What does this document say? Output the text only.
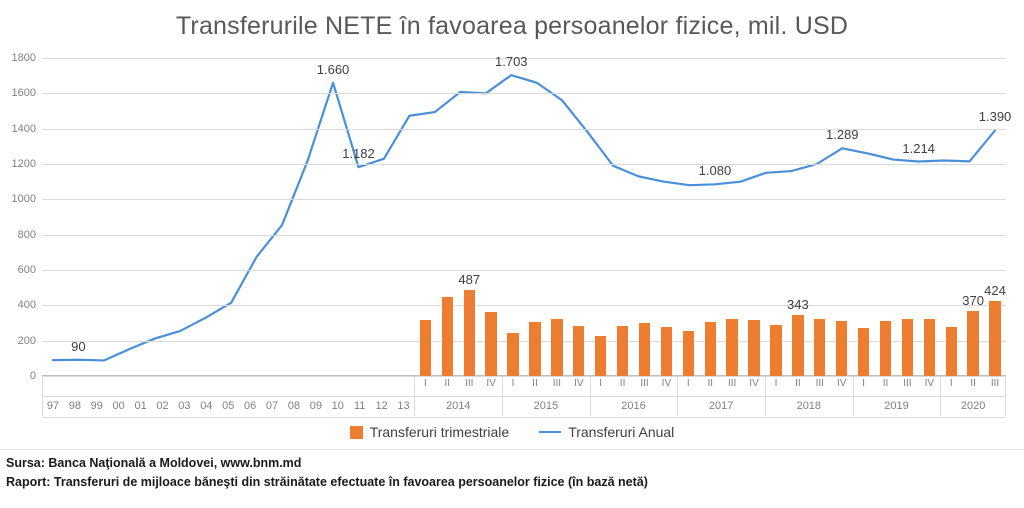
Transferurile NETE în favoarea persoanelor fizice, mil. USD
0
200
400
600
800
1000
1200
1400
1600
1800
487
343	370
424
90
1.660
1.182
1.703
1.080
1.289
1.214
1.390
97 98 99 00 01 02 03 04 05 06 07 08 09 10 11 12 13
I II III IV I II III IV I II III IV I II III IV I II III IV I II III IV I II III
2014	2015	2016	2017	2018	2019	2020
Transferuri trimestriale	Transferuri Anual
Sursa: Banca Naţională a Moldovei, www.bnm.md
Raport: Transferuri de mijloace băneşti din străinătate efectuate în favoarea persoanelor fizice (în bază netă)
